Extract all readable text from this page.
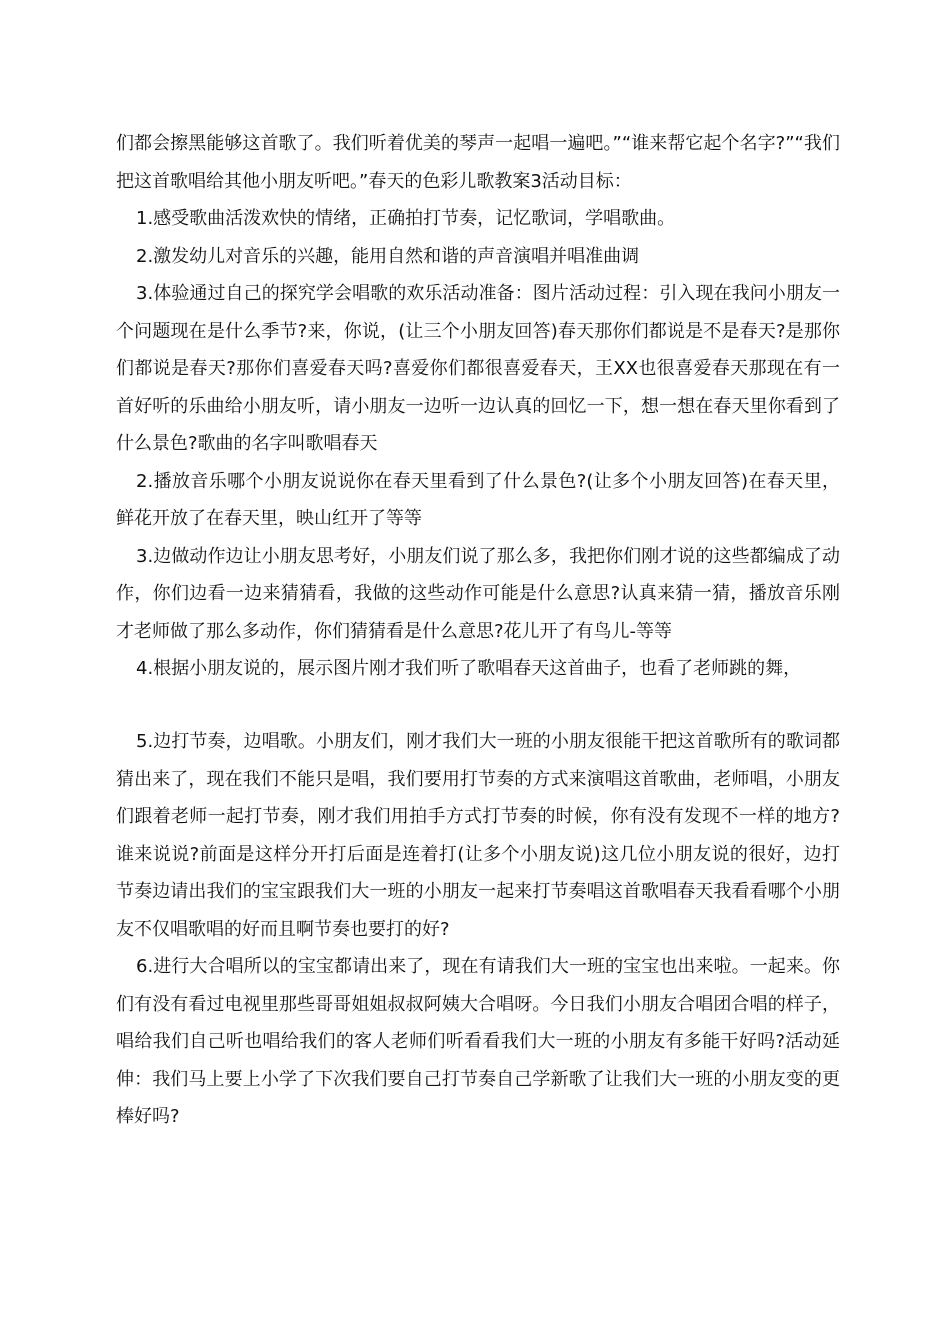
们都会擦黑能够这首歌了。我们听着优美的琴声一起唱一遍吧。”“谁来帮它起个名字?”“我们把这首歌唱给其他小朋友听吧。”春天的色彩儿歌教案3活动目标：

1.感受歌曲活泼欢快的情绪，正确拍打节奏，记忆歌词，学唱歌曲。

2.激发幼儿对音乐的兴趣，能用自然和谐的声音演唱并唱准曲调

3.体验通过自己的探究学会唱歌的欢乐活动准备：图片活动过程：引入现在我问小朋友一个问题现在是什么季节?来，你说，(让三个小朋友回答)春天那你们都说是不是春天?是那你们都说是春天?那你们喜爱春天吗?喜爱你们都很喜爱春天，王XX也很喜爱春天那现在有一首好听的乐曲给小朋友听，请小朋友一边听一边认真的回忆一下，想一想在春天里你看到了什么景色?歌曲的名字叫歌唱春天

2.播放音乐哪个小朋友说说你在春天里看到了什么景色?(让多个小朋友回答)在春天里，鲜花开放了在春天里，映山红开了等等

3.边做动作边让小朋友思考好，小朋友们说了那么多，我把你们刚才说的这些都编成了动作，你们边看一边来猜猜看，我做的这些动作可能是什么意思?认真来猜一猜，播放音乐刚才老师做了那么多动作，你们猜猜看是什么意思?花儿开了有鸟儿-等等

4.根据小朋友说的，展示图片刚才我们听了歌唱春天这首曲子，也看了老师跳的舞，

5.边打节奏，边唱歌。小朋友们，刚才我们大一班的小朋友很能干把这首歌所有的歌词都猜出来了，现在我们不能只是唱，我们要用打节奏的方式来演唱这首歌曲，老师唱，小朋友们跟着老师一起打节奏，刚才我们用拍手方式打节奏的时候，你有没有发现不一样的地方?谁来说说?前面是这样分开打后面是连着打(让多个小朋友说)这几位小朋友说的很好，边打节奏边请出我们的宝宝跟我们大一班的小朋友一起来打节奏唱这首歌唱春天我看看哪个小朋友不仅唱歌唱的好而且啊节奏也要打的好?

6.进行大合唱所以的宝宝都请出来了，现在有请我们大一班的宝宝也出来啦。一起来。你们有没有看过电视里那些哥哥姐姐叔叔阿姨大合唱呀。今日我们小朋友合唱团合唱的样子，唱给我们自己听也唱给我们的客人老师们听看看我们大一班的小朋友有多能干好吗?活动延伸：我们马上要上小学了下次我们要自己打节奏自己学新歌了让我们大一班的小朋友变的更棒好吗?
